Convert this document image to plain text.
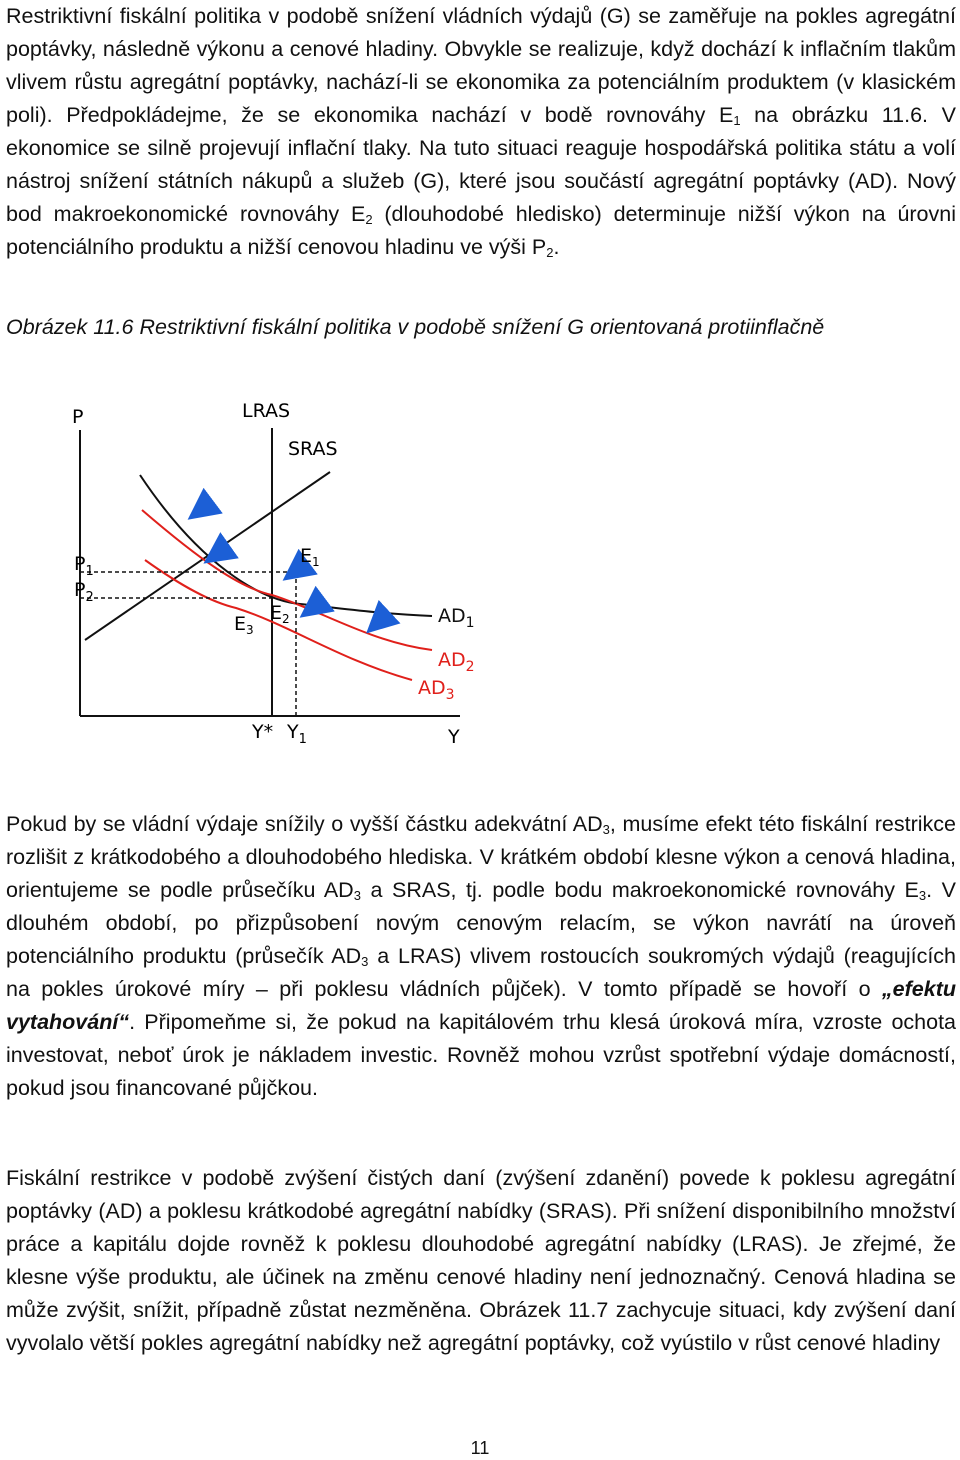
Restriktivní fiskální politika v podobě snížení vládních výdajů (G) se zaměřuje na pokles agregátní poptávky, následně výkonu a cenové hladiny. Obvykle se realizuje, když dochází k inflačním tlakům vlivem růstu agregátní poptávky, nachází-li se ekonomika za potenciálním produktem (v klasickém poli). Předpokládejme, že se ekonomika nachází v bodě rovnováhy $E_1$ na obrázku 11.6. V ekonomice se silně projevují inflační tlaky. Na tuto situaci reaguje hospodářská politika státu a volí nástroj snížení státních nákupů a služeb (G), které jsou součástí agregátní poptávky (AD). Nový bod makroekonomické rovnováhy $E_2$ (dlouhodobé hledisko) determinuje nižší výkon na úrovni potenciálního produktu a nižší cenovou hladinu ve výši $P_2$.

Obrázek 11.6 Restriktivní fiskální politika v podobě snížení G orientovaná protiinflačně

P	LRAS
SRAS
$P_1$
$P_2$
$E_1$
$E_2$
$E_3$
$AD_1$
$AD_2$
$AD_3$
Y* $Y_1$	Y

Pokud by se vládní výdaje snížily o vyšší částku adekvátní $AD_3$, musíme efekt této fiskální restrikce rozlišit z krátkodobého a dlouhodobého hlediska. V krátkém období klesne výkon a cenová hladina, orientujeme se podle průsečíku $AD_3$ a SRAS, tj. podle bodu makroekonomické rovnováhy $E_3$. V dlouhém období, po přizpůsobení novým cenovým relacím, se výkon navrátí na úroveň potenciálního produktu (průsečík $AD_3$ a LRAS) vlivem rostoucích soukromých výdajů (reagujících na pokles úrokové míry – při poklesu vládních půjček). V tomto případě se hovoří o „efektu vytahování“. Připomeňme si, že pokud na kapitálovém trhu klesá úroková míra, vzroste ochota investovat, neboť úrok je nákladem investic. Rovněž mohou vzrůst spotřební výdaje domácností, pokud jsou financované půjčkou.

Fiskální restrikce v podobě zvýšení čistých daní (zvýšení zdanění) povede k poklesu agregátní poptávky (AD) a poklesu krátkodobé agregátní nabídky (SRAS). Při snížení disponibilního množství práce a kapitálu dojde rovněž k poklesu dlouhodobé agregátní nabídky (LRAS). Je zřejmé, že klesne výše produktu, ale účinek na změnu cenové hladiny není jednoznačný. Cenová hladina se může zvýšit, snížit, případně zůstat nezměněna. Obrázek 11.7 zachycuje situaci, kdy zvýšení daní vyvolalo větší pokles agregátní nabídky než agregátní poptávky, což vyústilo v růst cenové hladiny

11
